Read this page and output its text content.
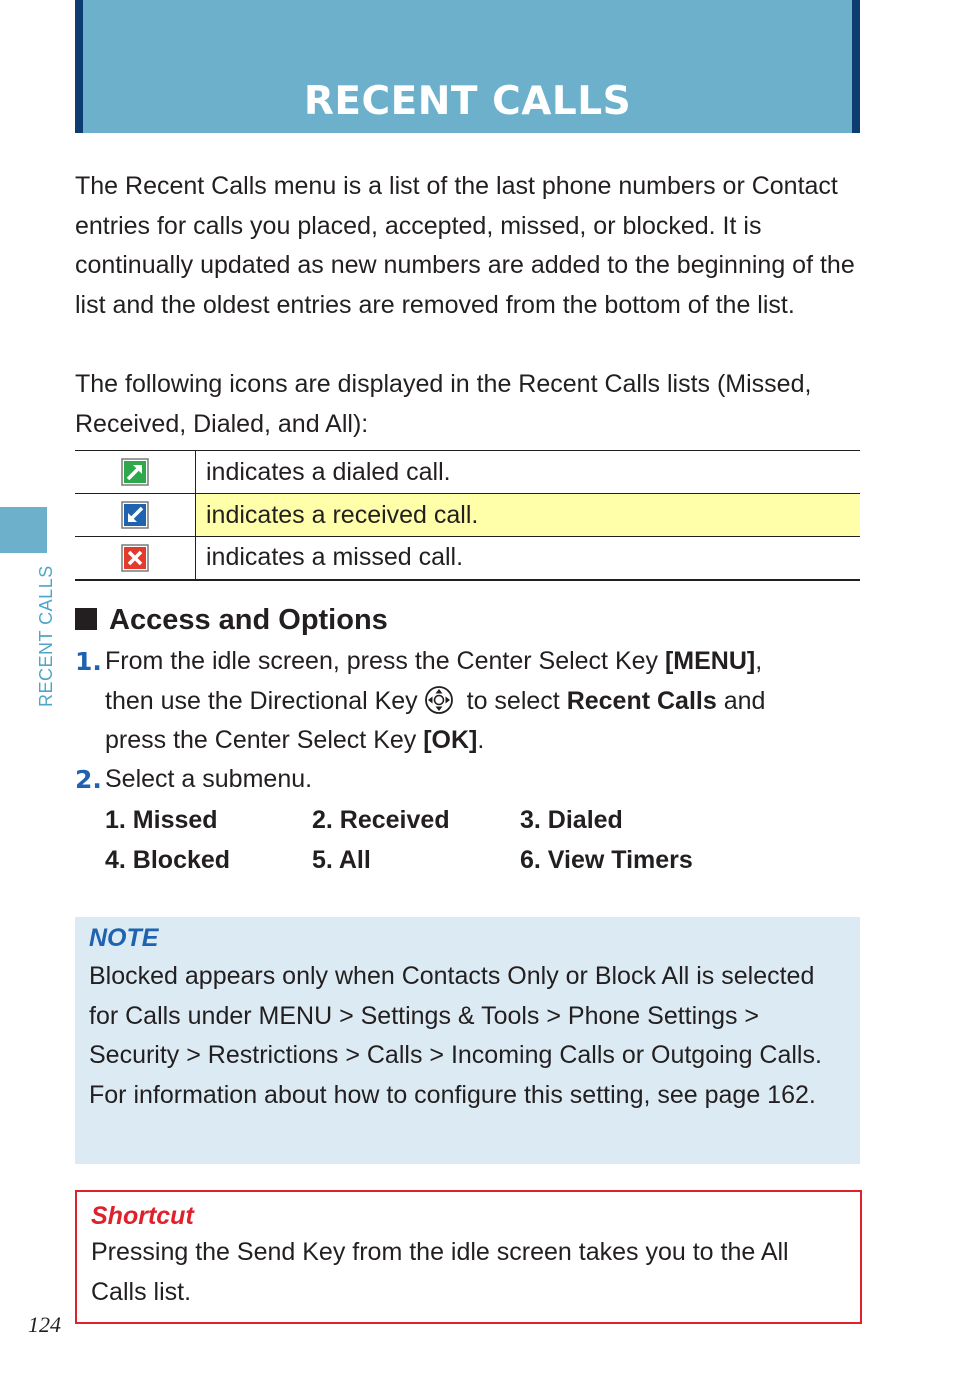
RECENT CALLS
RECENT CALLS

The Recent Calls menu is a list of the last phone numbers or Contact entries for calls you placed, accepted, missed, or blocked. It is continually updated as new numbers are added to the beginning of the list and the oldest entries are removed from the bottom of the list.

The following icons are displayed in the Recent Calls lists (Missed, Received, Dialed, and All):

	indicates a dialed call.
	indicates a received call.
	indicates a missed call.
Access and Options
1. From the idle screen, press the Center Select Key [MENU],
then use the Directional Key to select Recent Calls and
press the Center Select Key [OK].
2. Select a submenu.
1. Missed	2. Received	3. Dialed
4. Blocked	5. All	6. View Timers
NOTE
Blocked appears only when Contacts Only or Block All is selected for Calls under MENU > Settings & Tools > Phone Settings > Security > Restrictions > Calls > Incoming Calls or Outgoing Calls. For information about how to configure this setting, see page 162.
Shortcut
Pressing the Send Key from the idle screen takes you to the All Calls list.
124
